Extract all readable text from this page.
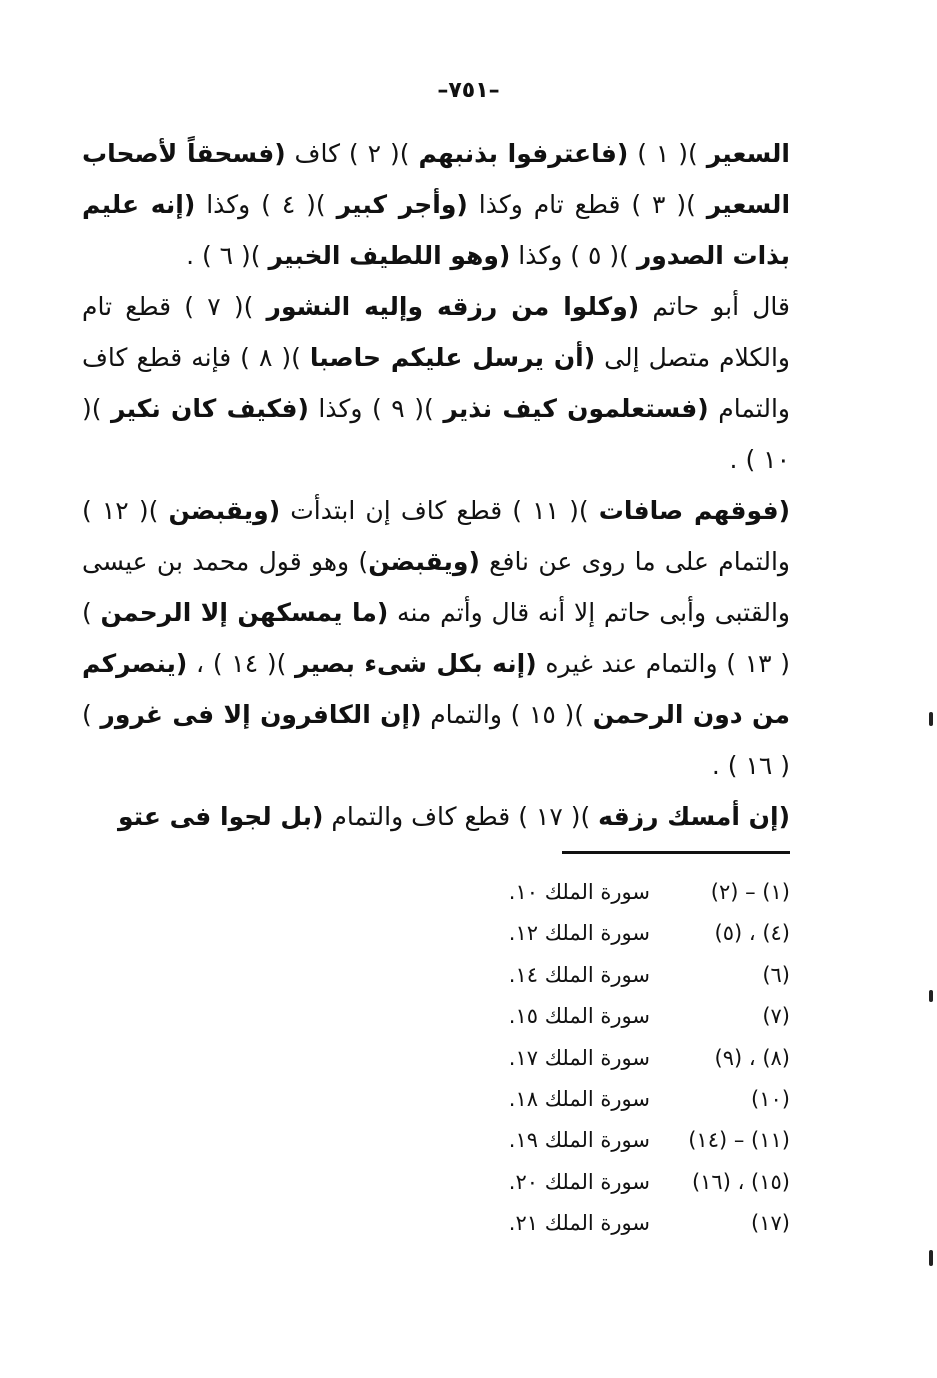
–٧٥١–

السعير )( ١ ) (فاعترفوا بذنبهم )( ٢ ) كاف (فسحقاً لأصحاب السعير )( ٣ ) قطع تام وكذا (وأجر كبير )( ٤ ) وكذا (إنه عليم بذات الصدور )( ٥ ) وكذا (وهو اللطيف الخبير )( ٦ ) .

قال أبو حاتم (وكلوا من رزقه وإليه النشور )( ٧ ) قطع تام والكلام متصل إلى (أن يرسل عليكم حاصبا )( ٨ ) فإنه قطع كاف والتمام (فستعلمون كيف نذير )( ٩ ) وكذا (فكيف كان نكير )( ١٠ ) .

(فوقهم صافات )( ١١ ) قطع كاف إن ابتدأت (ويقبضن )( ١٢ ) والتمام على ما روى عن نافع (ويقبضن) وهو قول محمد بن عيسى والقتبى وأبى حاتم إلا أنه قال وأتم منه (ما يمسكهن إلا الرحمن )( ١٣ ) والتمام عند غيره (إنه بكل شىء بصير )( ١٤ ) ، (ينصركم من دون الرحمن )( ١٥ ) والتمام (إن الكافرون إلا فى غرور )( ١٦ ) .

(إن أمسك رزقه )( ١٧ ) قطع كاف والتمام (بل لجوا فى عتو

(١) – (٢)
سورة الملك ١٠.
(٤) ، (٥)
سورة الملك ١٢.
(٦)
سورة الملك ١٤.
(٧)
سورة الملك ١٥.
(٨) ، (٩)
سورة الملك ١٧.
(١٠)
سورة الملك ١٨.
(١١) – (١٤)
سورة الملك ١٩.
(١٥) ، (١٦)
سورة الملك ٢٠.
(١٧)
سورة الملك ٢١.
